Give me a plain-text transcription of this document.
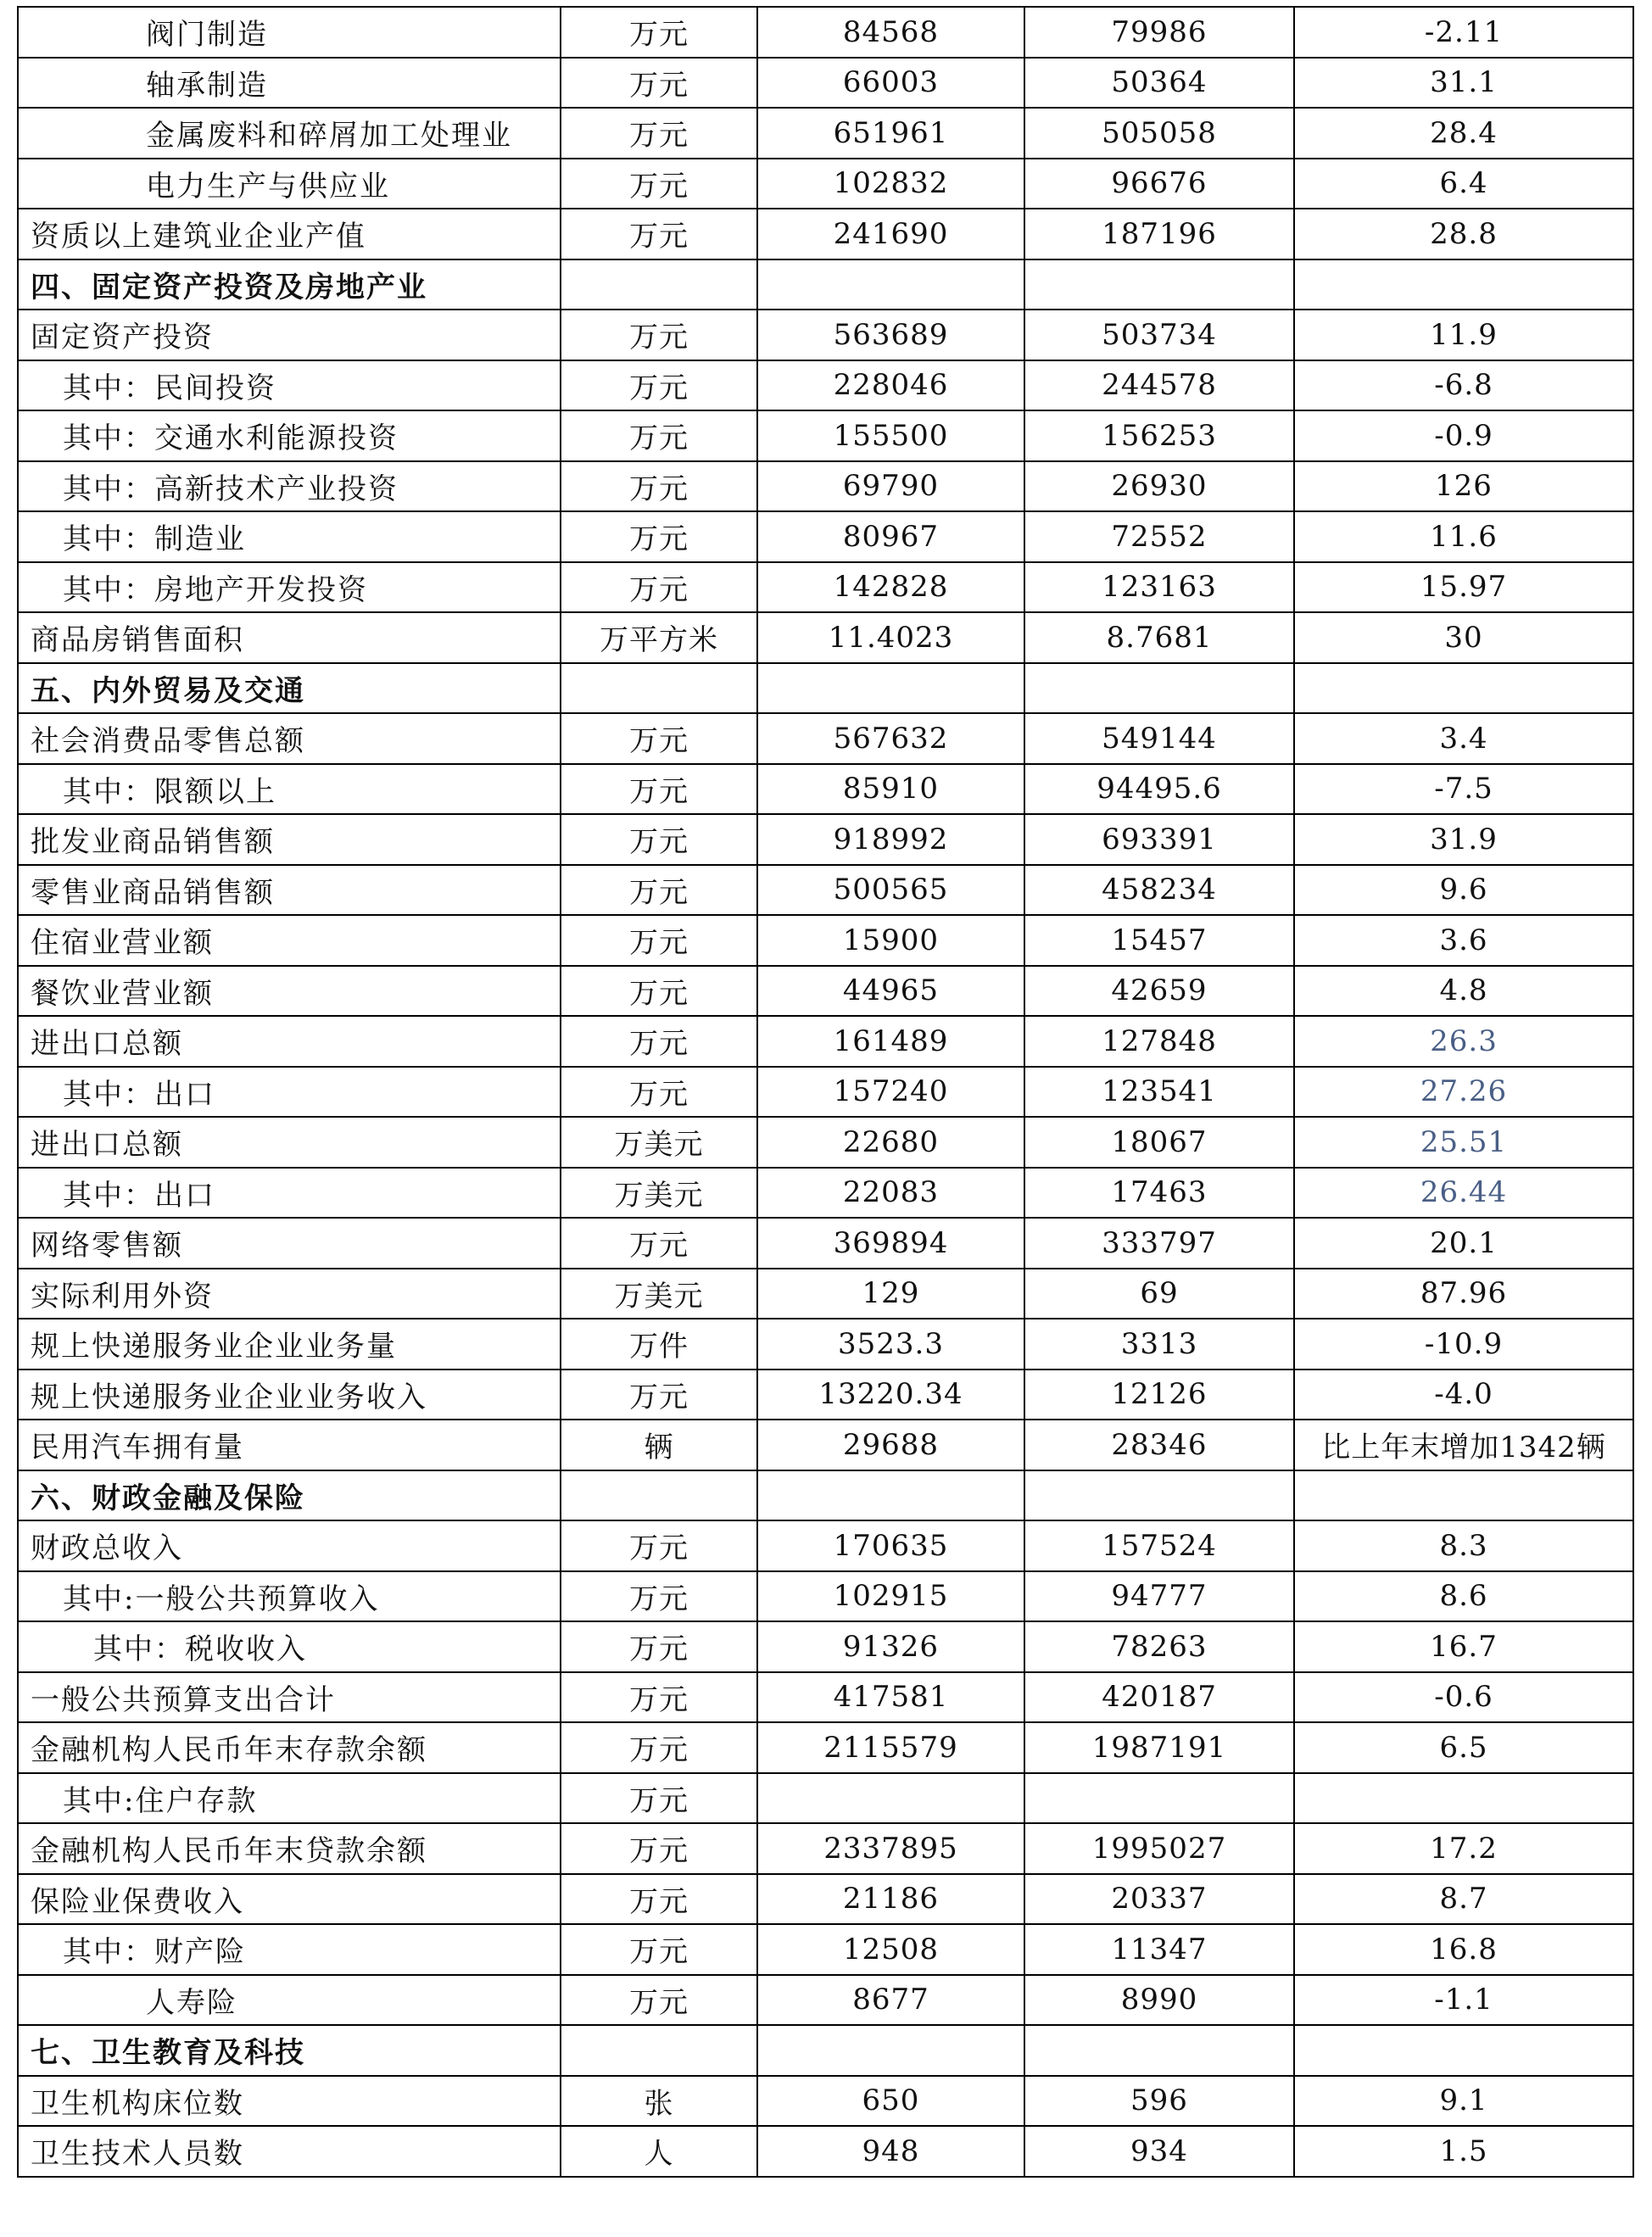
阀门制造	万元	84568	79986	-2.11
轴承制造	万元	66003	50364	31.1
金属废料和碎屑加工处理业	万元	651961	505058	28.4
电力生产与供应业	万元	102832	96676	6.4
资质以上建筑业企业产值	万元	241690	187196	28.8
四、固定资产投资及房地产业				
固定资产投资	万元	563689	503734	11.9
其中：民间投资	万元	228046	244578	-6.8
其中：交通水利能源投资	万元	155500	156253	-0.9
其中：高新技术产业投资	万元	69790	26930	126
其中：制造业	万元	80967	72552	11.6
其中：房地产开发投资	万元	142828	123163	15.97
商品房销售面积	万平方米	11.4023	8.7681	30
五、内外贸易及交通				
社会消费品零售总额	万元	567632	549144	3.4
其中：限额以上	万元	85910	94495.6	-7.5
批发业商品销售额	万元	918992	693391	31.9
零售业商品销售额	万元	500565	458234	9.6
住宿业营业额	万元	15900	15457	3.6
餐饮业营业额	万元	44965	42659	4.8
进出口总额	万元	161489	127848	26.3
其中：出口	万元	157240	123541	27.26
进出口总额	万美元	22680	18067	25.51
其中：出口	万美元	22083	17463	26.44
网络零售额	万元	369894	333797	20.1
实际利用外资	万美元	129	69	87.96
规上快递服务业企业业务量	万件	3523.3	3313	-10.9
规上快递服务业企业业务收入	万元	13220.34	12126	-4.0
民用汽车拥有量	辆	29688	28346	比上年末增加1342辆
六、财政金融及保险				
财政总收入	万元	170635	157524	8.3
其中:一般公共预算收入	万元	102915	94777	8.6
其中：税收收入	万元	91326	78263	16.7
一般公共预算支出合计	万元	417581	420187	-0.6
金融机构人民币年末存款余额	万元	2115579	1987191	6.5
其中:住户存款	万元			
金融机构人民币年末贷款余额	万元	2337895	1995027	17.2
保险业保费收入	万元	21186	20337	8.7
其中：财产险	万元	12508	11347	16.8
人寿险	万元	8677	8990	-1.1
七、卫生教育及科技				
卫生机构床位数	张	650	596	9.1
卫生技术人员数	人	948	934	1.5
